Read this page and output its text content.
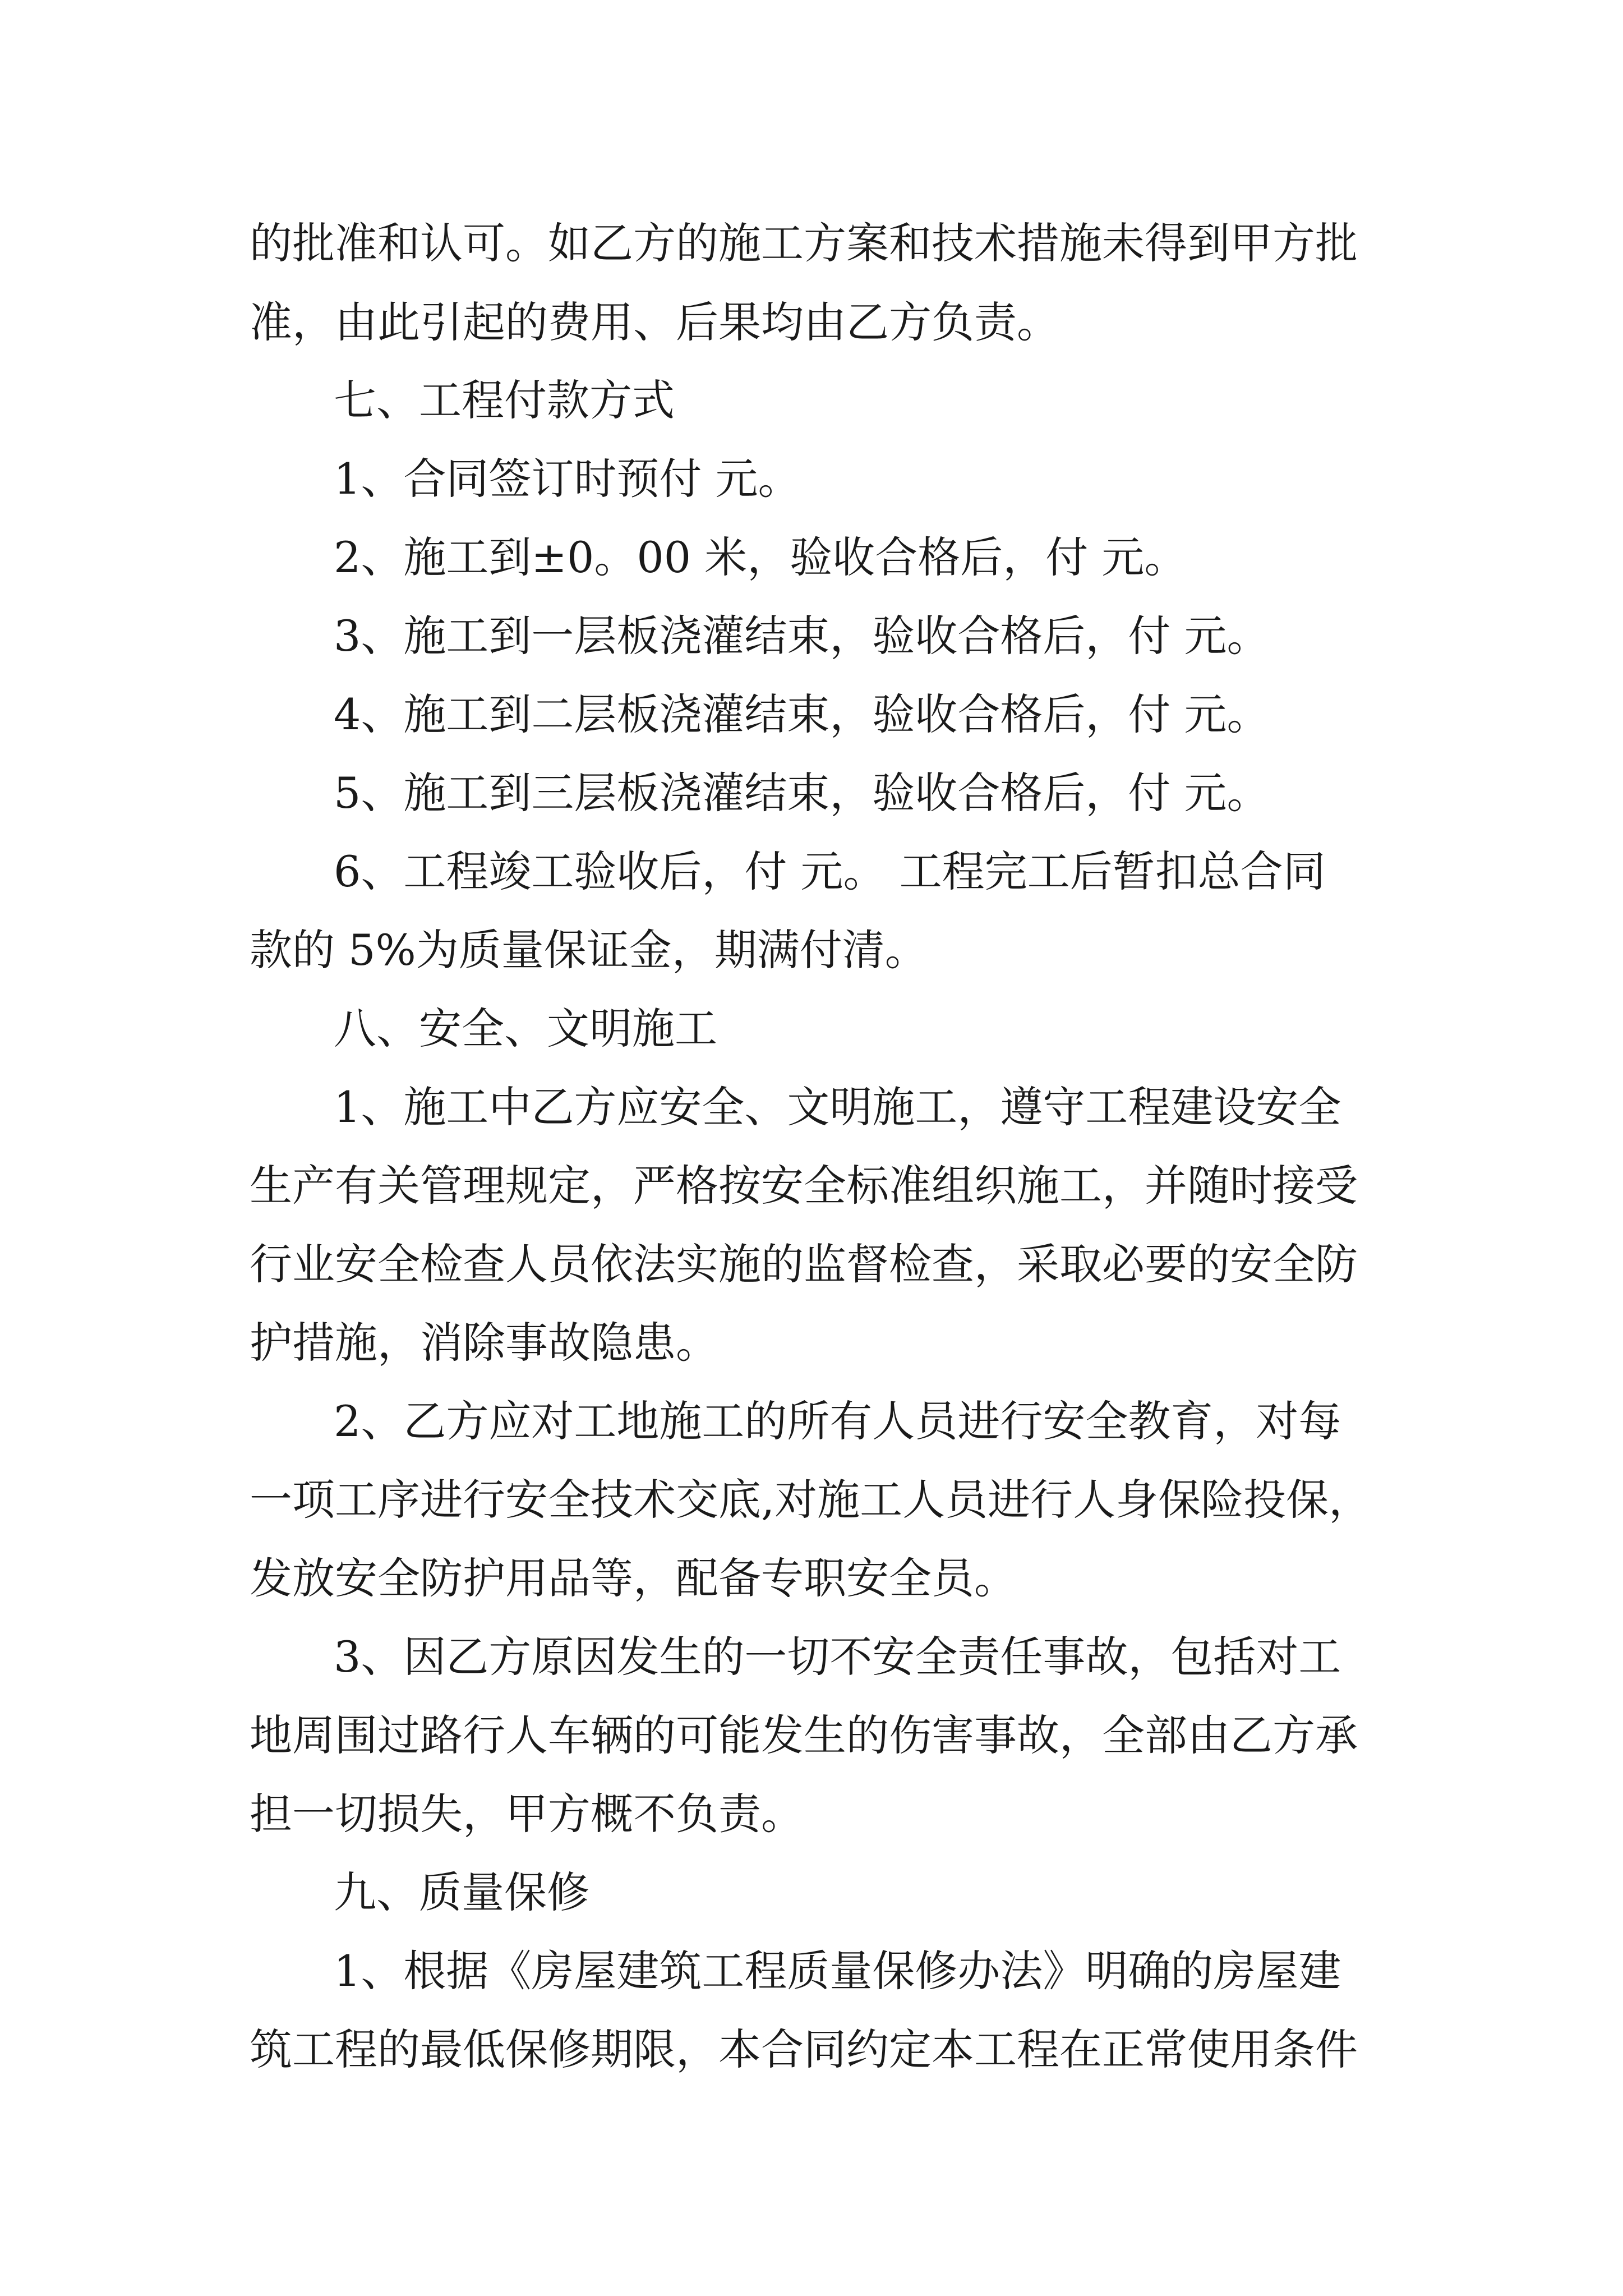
的批准和认可。如乙方的施工方案和技术措施未得到甲方批
准，由此引起的费用、后果均由乙方负责。
七、工程付款方式
1、合同签订时预付 元。
2、施工到±0。00 米，验收合格后，付 元。
3、施工到一层板浇灌结束，验收合格后，付 元。
4、施工到二层板浇灌结束，验收合格后，付 元。
5、施工到三层板浇灌结束，验收合格后，付 元。
6、工程竣工验收后，付 元。 工程完工后暂扣总合同
款的 5%为质量保证金，期满付清。
八、安全、文明施工
1、施工中乙方应安全、文明施工，遵守工程建设安全
生产有关管理规定，严格按安全标准组织施工，并随时接受
行业安全检查人员依法实施的监督检查，采取必要的安全防
护措施，消除事故隐患。
2、乙方应对工地施工的所有人员进行安全教育，对每
一项工序进行安全技术交底,对施工人员进行人身保险投保，
发放安全防护用品等，配备专职安全员。
3、因乙方原因发生的一切不安全责任事故，包括对工
地周围过路行人车辆的可能发生的伤害事故，全部由乙方承
担一切损失，甲方概不负责。
九、质量保修
1、根据《房屋建筑工程质量保修办法》明确的房屋建
筑工程的最低保修期限，本合同约定本工程在正常使用条件
